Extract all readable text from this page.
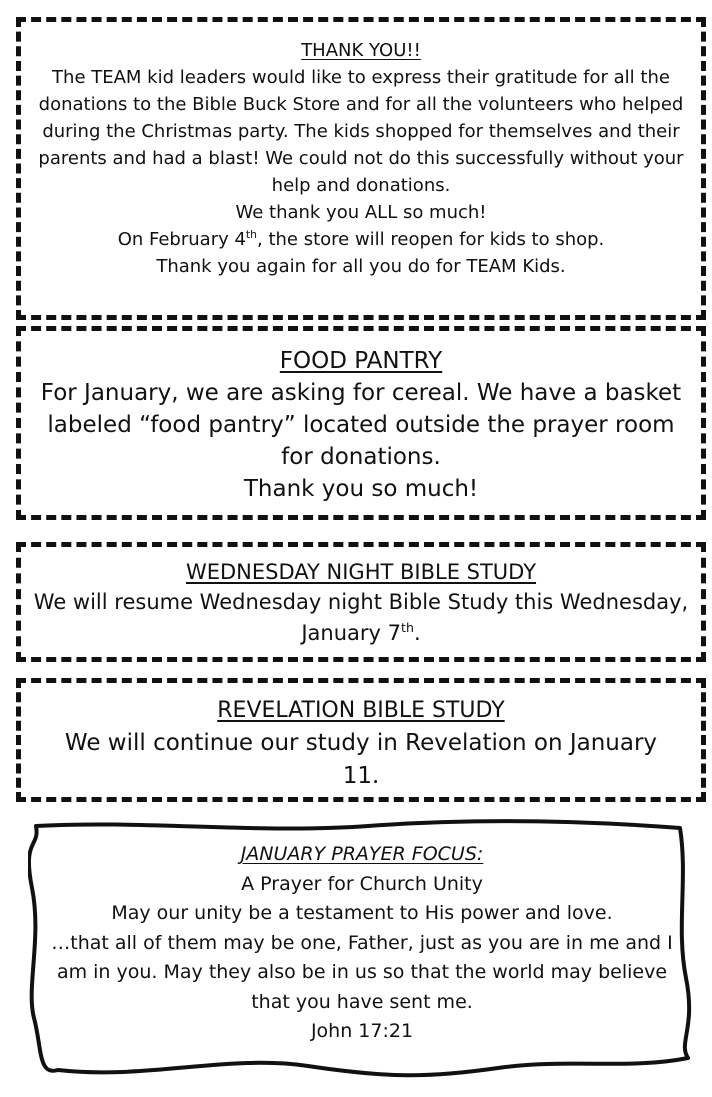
THANK YOU!!
The TEAM kid leaders would like to express their gratitude for all the donations to the Bible Buck Store and for all the volunteers who helped during the Christmas party. The kids shopped for themselves and their parents and had a blast! We could not do this successfully without your help and donations.
We thank you ALL so much!
On February 4th, the store will reopen for kids to shop.
Thank you again for all you do for TEAM Kids.
FOOD PANTRY
For January, we are asking for cereal. We have a basket labeled “food pantry” located outside the prayer room for donations.
Thank you so much!
WEDNESDAY NIGHT BIBLE STUDY
We will resume Wednesday night Bible Study this Wednesday, January 7th.
REVELATION BIBLE STUDY
We will continue our study in Revelation on January 11.
JANUARY PRAYER FOCUS:
A Prayer for Church Unity
May our unity be a testament to His power and love.
…that all of them may be one, Father, just as you are in me and I am in you. May they also be in us so that the world may believe that you have sent me.
John 17:21
